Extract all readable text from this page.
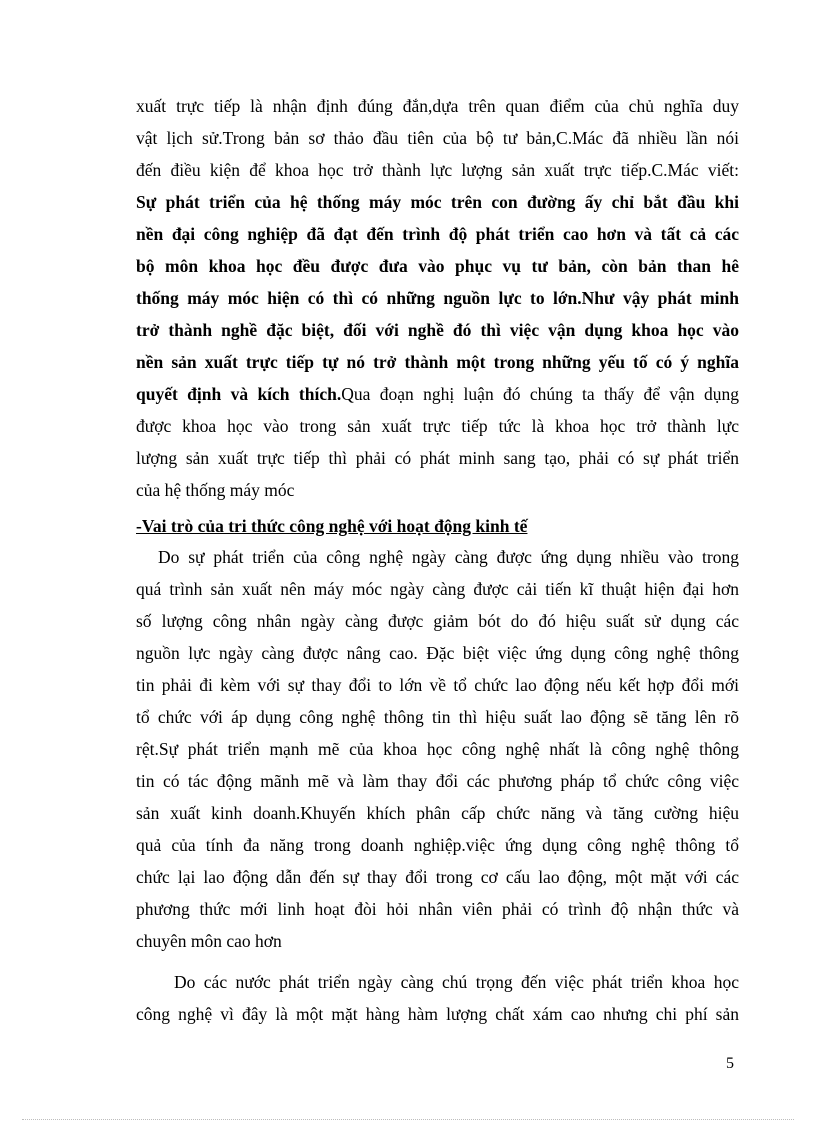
xuất trực tiếp là nhận định đúng đắn,dựa trên quan điểm của chủ nghĩa duy
vật lịch sử.Trong bản sơ thảo đầu tiên của bộ tư bản,C.Mác đã nhiều lần nói
đến điều kiện để khoa học trở thành lực lượng sản xuất trực tiếp.C.Mác viết:
Sự phát triển của hệ thống máy móc trên con đường ấy chỉ bắt đầu khi
nền đại công nghiệp đã đạt đến trình độ phát triển cao hơn và tất cả các
bộ môn khoa học đều được đưa vào phục vụ tư bản, còn bản than hê
thống máy móc hiện có thì có những nguồn lực to lớn.Như vậy phát minh
trở thành nghề đặc biệt, đối với nghề đó thì việc vận dụng khoa học vào
nền sản xuất trực tiếp tự nó trở thành một trong những yếu tố có ý nghĩa
quyết định và kích thích.Qua đoạn nghị luận đó chúng ta thấy để vận dụng
được khoa học vào trong sản xuất trực tiếp tức là khoa học trở thành lực
lượng sản xuất trực tiếp thì phải có phát minh sang tạo, phải có sự phát triển
của hệ thống máy móc
-Vai trò của tri thức công nghệ với hoạt động kinh tế
Do sự phát triển của công nghệ ngày càng được ứng dụng nhiều vào trong
quá trình sản xuất nên máy móc ngày càng được cải tiến kĩ thuật hiện đại hơn
số lượng công nhân ngày càng được giảm bót do đó hiệu suất sử dụng các
nguồn lực ngày càng được nâng cao. Đặc biệt việc ứng dụng công nghệ thông
tin phải đi kèm với sự thay đổi to lớn về tổ chức lao động nếu kết hợp đổi mới
tổ chức với áp dụng công nghệ thông tin thì hiệu suất lao động sẽ tăng lên rõ
rệt.Sự phát triển mạnh mẽ của khoa học công nghệ nhất là công nghệ thông
tin có tác động mãnh mẽ và làm thay đổi các phương pháp tổ chức công việc
sản xuất kinh doanh.Khuyến khích phân cấp chức năng và tăng cường hiệu
quả của tính đa năng trong doanh nghiệp.việc ứng dụng công nghệ thông tổ
chức lại lao động dẫn đến sự thay đổi trong cơ cấu lao động, một mặt với các
phương thức mới linh hoạt đòi hỏi nhân viên phải có trình độ nhận thức và
chuyên môn cao hơn
Do các nước phát triển ngày càng chú trọng đến việc phát triển khoa học
công nghệ vì đây là một mặt hàng hàm lượng chất xám cao nhưng chi phí sản
5
